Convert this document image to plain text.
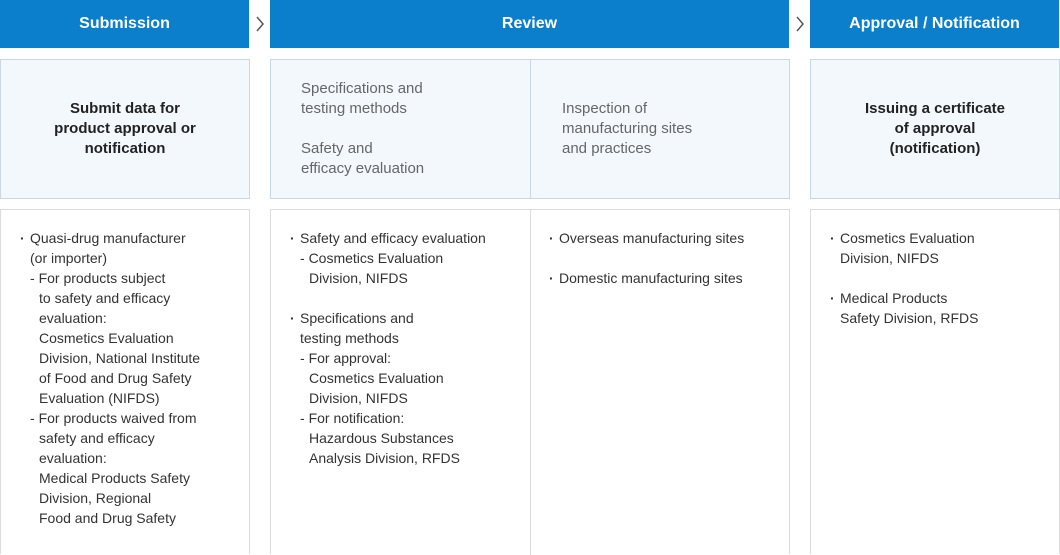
Submission	Review	Approval / Notification
Submit data for
product approval or
notification
Specifications and
testing methods
Safety and
efficacy evaluation
Inspection of
manufacturing sites
and practices
Issuing a certificate
of approval
(notification)
· Quasi-drug manufacturer
(or importer)
- For products subject
to safety and efficacy
evaluation:
Cosmetics Evaluation
Division, National Institute
of Food and Drug Safety
Evaluation (NIFDS)
- For products waived from
safety and efficacy
evaluation:
Medical Products Safety
Division, Regional
Food and Drug Safety
· Safety and efficacy evaluation
- Cosmetics Evaluation
Division, NIFDS
· Specifications and
testing methods
- For approval:
Cosmetics Evaluation
Division, NIFDS
- For notification:
Hazardous Substances
Analysis Division, RFDS
· Overseas manufacturing sites
· Domestic manufacturing sites
· Cosmetics Evaluation
Division, NIFDS
· Medical Products
Safety Division, RFDS
